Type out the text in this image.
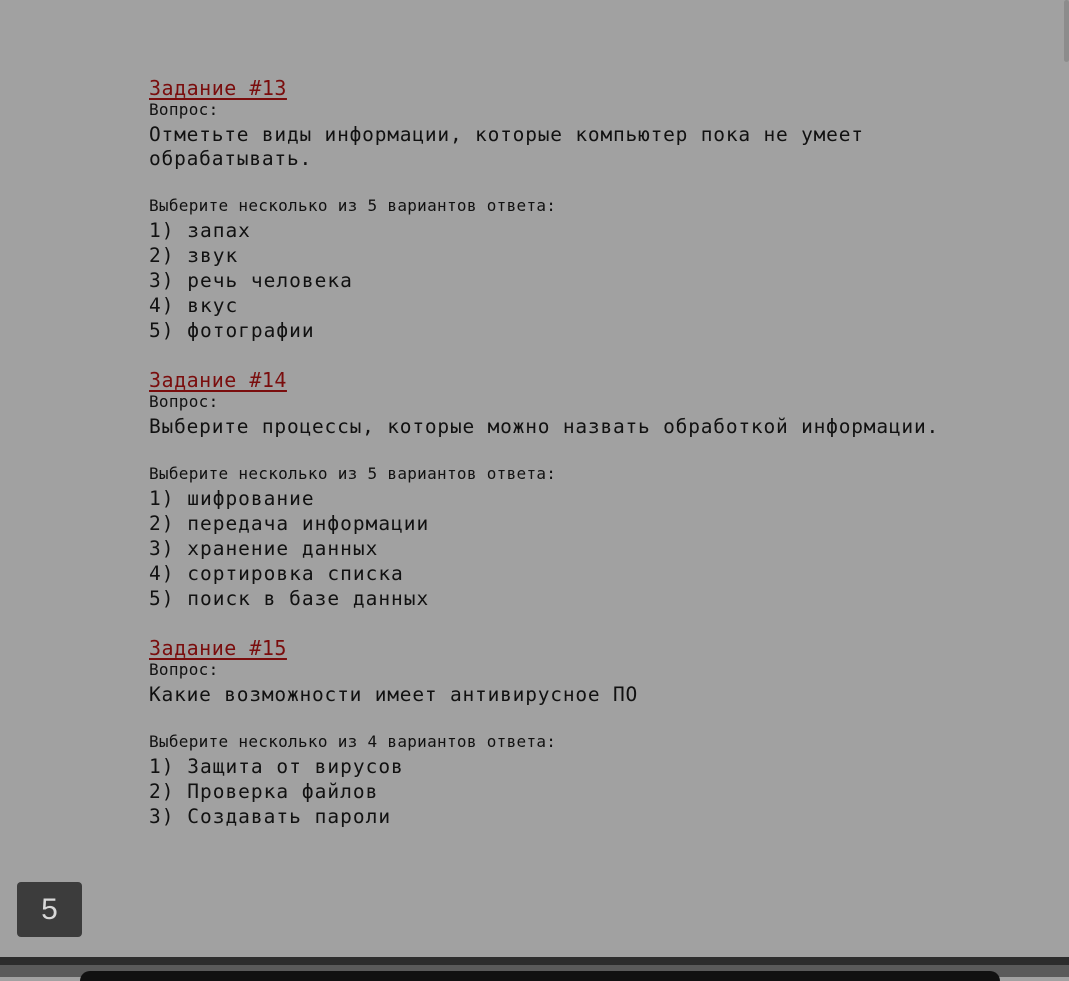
Задание #13
Вопрос:
Отметьте виды информации, которые компьютер пока не умеет обрабатывать.
Выберите несколько из 5 вариантов ответа:
1) запах
2) звук
3) речь человека
4) вкус
5) фотографии
Задание #14
Вопрос:
Выберите процессы, которые можно назвать обработкой информации.
Выберите несколько из 5 вариантов ответа:
1) шифрование
2) передача информации
3) хранение данных
4) сортировка списка
5) поиск в базе данных
Задание #15
Вопрос:
Какие возможности имеет антивирусное ПО
Выберите несколько из 4 вариантов ответа:
1) Защита от вирусов
2) Проверка файлов
3) Создавать пароли
5
